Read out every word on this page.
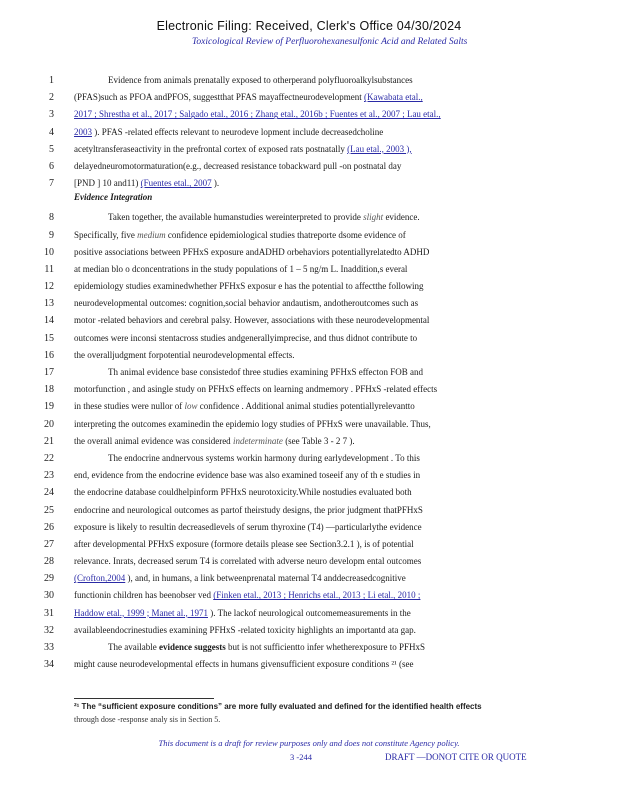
Electronic Filing: Received, Clerk's Office 04/30/2024
Toxicological Review of Perfluorohexanesulfonic Acid and Related Salts
1	Evidence from animals prenatally exposed to otherperand polyfluoroalkylsubstances
2 (PFAS)such as PFOA andPFOS, suggestthat PFAS mayaffectneurodevelopment (Kawabata etal.,
3 2017 ; Shrestha et al., 2017 ; Salgado etal., 2016 ; Zhang etal., 2016b ; Fuentes et al., 2007 ; Lau etal.,
4 2003 ). PFAS -related effects relevant to neurodeve lopment include decreasedcholine
5 acetyltransferaseactivity in the prefrontal cortex of exposed rats postnatally (Lau etal., 2003 ),
6 delayedneuromotormaturation(e.g., decreased resistance tobackward pull -on postnatal day
7 [PND ] 10 and11) (Fuentes etal., 2007 ).
Evidence Integration
8	Taken together, the available humanstudies wereinterpreted to provide slight evidence.
9 Specifically, five medium confidence epidemiological studies thatreporte dsome evidence of
10 positive associations between PFHxS exposure andADHD orbehaviors potentiallyrelatedto ADHD
11 at median blo o dconcentrations in the study populations of 1 – 5 ng/m L. Inaddition,s everal
12 epidemiology studies examinedwhether PFHxS exposur e has the potential to affectthe following
13 neurodevelopmental outcomes: cognition,social behavior andautism, andotheroutcomes such as
14 motor -related behaviors and cerebral palsy. However, associations with these neurodevelopmental
15 outcomes were inconsi stentacross studies andgenerallyimprecise, and thus didnot contribute to
16 the overalljudgment forpotential neurodevelopmental effects.
17	Th animal evidence base consistedof three studies examining PFHxS effecton FOB and
18 motorfunction , and asingle study on PFHxS effects on learning andmemory . PFHxS -related effects
19 in these studies were nullor of low confidence . Additional animal studies potentiallyrelevantto
20 interpreting the outcomes examinedin the epidemio logy studies of PFHxS were unavailable. Thus,
21 the overall animal evidence was considered indeterminate (see Table 3 - 2 7 ).
22	The endocrine andnervous systems workin harmony during earlydevelopment . To this
23 end, evidence from the endocrine evidence base was also examined toseeif any of th e studies in
24 the endocrine database couldhelpinform PFHxS neurotoxicity.While nostudies evaluated both
25 endocrine and neurological outcomes as partof theirstudy designs, the prior judgment thatPFHxS
26 exposure is likely to resultin decreasedlevels of serum thyroxine (T4) —particularlythe evidence
27 after developmental PFHxS exposure (formore details please see Section3.2.1 ), is of potential
28 relevance. Inrats, decreased serum T4 is correlated with adverse neuro developm ental outcomes
29 (Crofton,2004 ), and, in humans, a link betweenprenatal maternal T4 anddecreasedcognitive
30 functionin children has beenobser ved (Finken etal., 2013 ; Henrichs etal., 2013 ; Li etal., 2010 ;
31 Haddow etal., 1999 ; Manet al., 1971 ). The lackof neurological outcomemeasurements in the
32 availableendocrinestudies examining PFHxS -related toxicity highlights an importantd ata gap.
33	The available evidence suggests but is not sufficientto infer whetherexposure to PFHxS
34 might cause neurodevelopmental effects in humans givensufficient exposure conditions ²¹ (see
²¹ The “sufficient exposure conditions” are more fully evaluated and defined for the identified health effects
through dose -response analy sis in Section 5.
This document is a draft for review purposes only and does not constitute Agency policy.
3 -244	DRAFT —DONOT CITE OR QUOTE
